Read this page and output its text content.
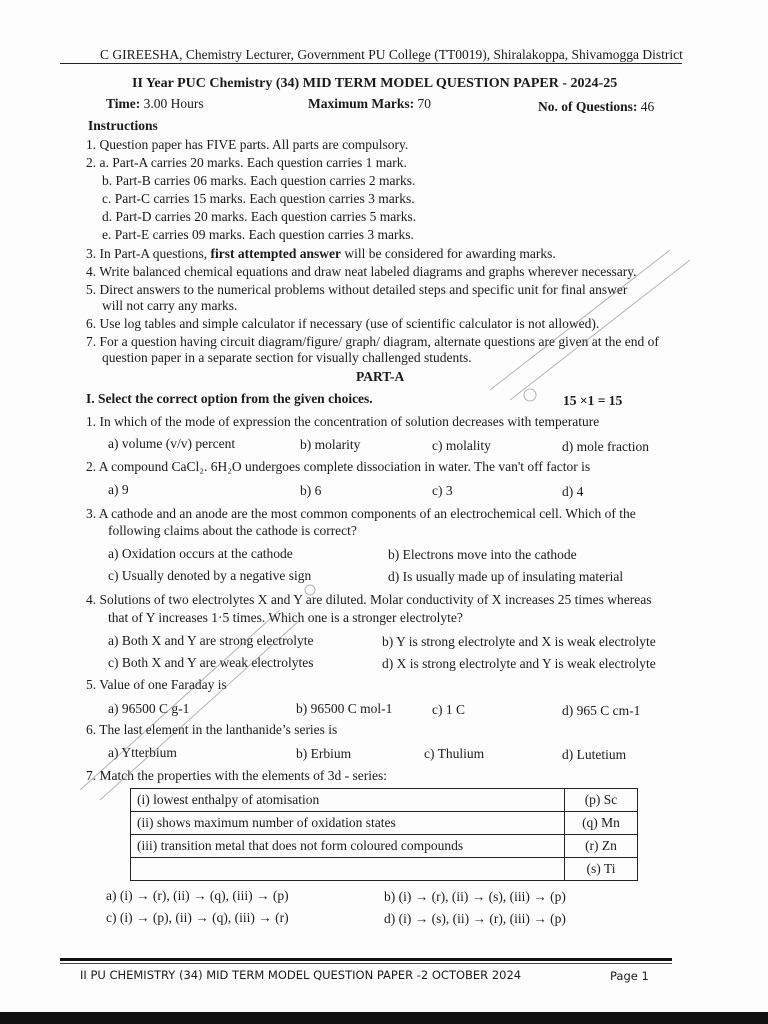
C GIREESHA, Chemistry Lecturer, Government PU College (TT0019), Shiralakoppa, Shivamogga District
II Year PUC Chemistry (34) MID TERM MODEL QUESTION PAPER - 2024-25
Time: 3.00 Hours	Maximum Marks: 70	No. of Questions: 46
Instructions
1. Question paper has FIVE parts. All parts are compulsory.
2. a. Part-A carries 20 marks. Each question carries 1 mark.
b. Part-B carries 06 marks. Each question carries 2 marks.
c. Part-C carries 15 marks. Each question carries 3 marks.
d. Part-D carries 20 marks. Each question carries 5 marks.
e. Part-E carries 09 marks. Each question carries 3 marks.
3. In Part-A questions, first attempted answer will be considered for awarding marks.
4. Write balanced chemical equations and draw neat labeled diagrams and graphs wherever necessary.
5. Direct answers to the numerical problems without detailed steps and specific unit for final answer
will not carry any marks.
6. Use log tables and simple calculator if necessary (use of scientific calculator is not allowed).
7. For a question having circuit diagram/figure/ graph/ diagram, alternate questions are given at the end of
question paper in a separate section for visually challenged students.
PART-A
I. Select the correct option from the given choices.	15 ×1 = 15
1. In which of the mode of expression the concentration of solution decreases with temperature
a) volume (v/v) percent	b) molarity	c) molality	d) mole fraction
2. A compound CaCl₂. 6H₂O undergoes complete dissociation in water. The van't off factor is
a) 9	b) 6	c) 3	d) 4
3. A cathode and an anode are the most common components of an electrochemical cell. Which of the
following claims about the cathode is correct?
a) Oxidation occurs at the cathode	b) Electrons move into the cathode
c) Usually denoted by a negative sign	d) Is usually made up of insulating material
4. Solutions of two electrolytes X and Y are diluted. Molar conductivity of X increases 25 times whereas
that of Y increases 1·5 times. Which one is a stronger electrolyte?
a) Both X and Y are strong electrolyte	b) Y is strong electrolyte and X is weak electrolyte
c) Both X and Y are weak electrolytes	d) X is strong electrolyte and Y is weak electrolyte
5. Value of one Faraday is
a) 96500 C g-1	b) 96500 C mol-1	c) 1 C	d) 965 C cm-1
6. The last element in the lanthanide’s series is
a) Ytterbium	b) Erbium	c) Thulium	d) Lutetium
7. Match the properties with the elements of 3d - series:
(i) lowest enthalpy of atomisation	(p) Sc
(ii) shows maximum number of oxidation states	(q) Mn
(iii) transition metal that does not form coloured compounds	(r) Zn
	(s) Ti
a) (i) → (r), (ii) → (q), (iii) → (p)	b) (i) → (r), (ii) → (s), (iii) → (p)
c) (i) → (p), (ii) → (q), (iii) → (r)	d) (i) → (s), (ii) → (r), (iii) → (p)
II PU CHEMISTRY (34) MID TERM MODEL QUESTION PAPER -2 OCTOBER 2024	Page 1
